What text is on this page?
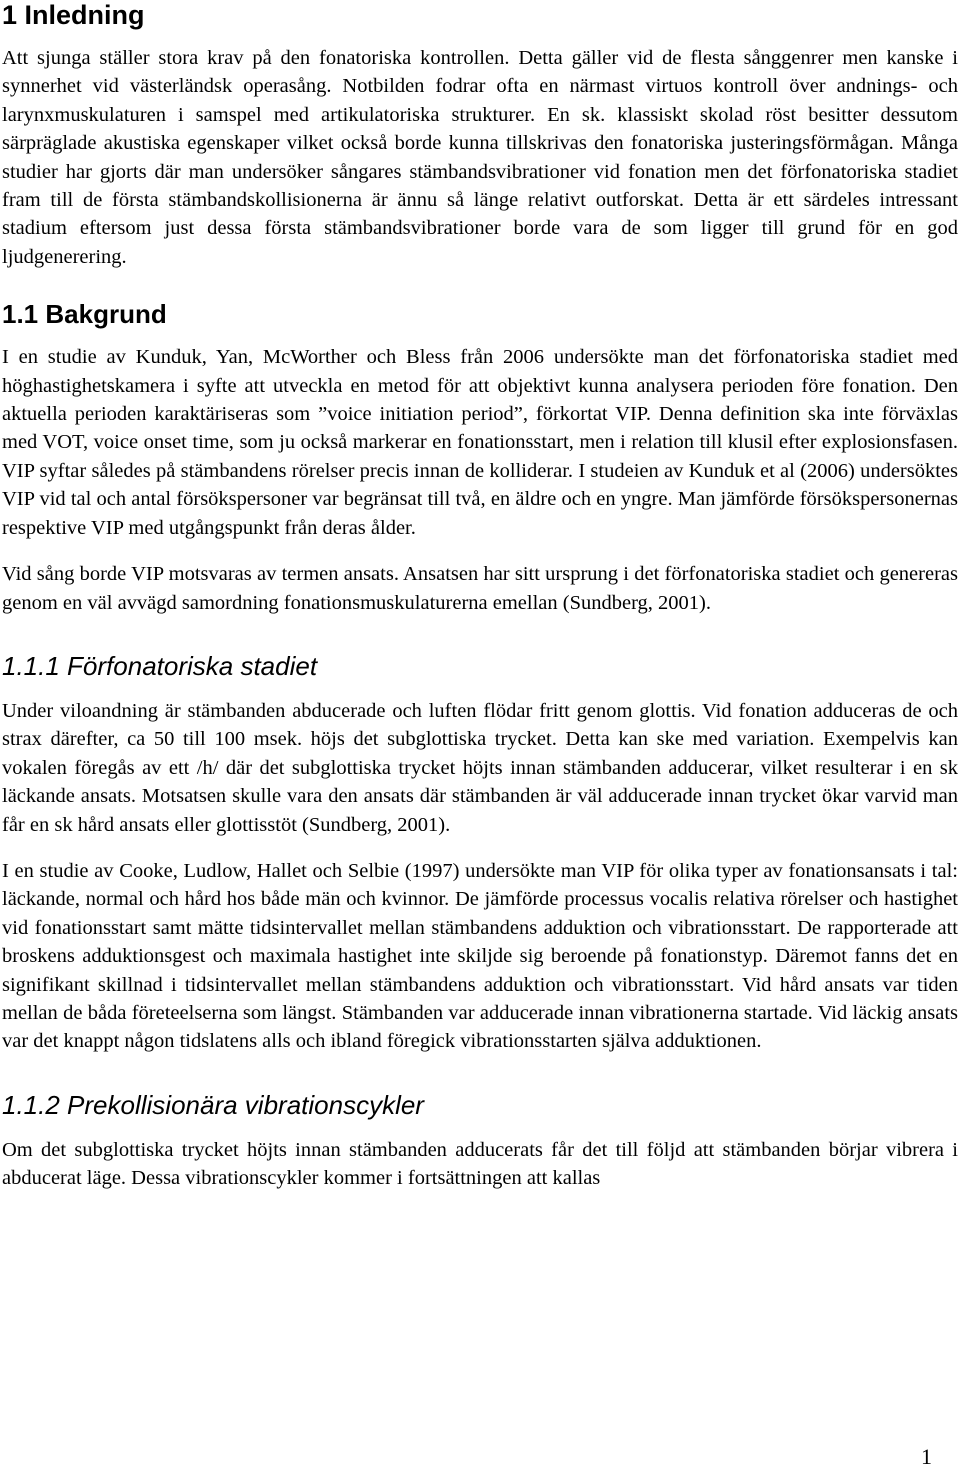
1 Inledning

Att sjunga ställer stora krav på den fonatoriska kontrollen. Detta gäller vid de flesta sånggenrer men kanske i synnerhet vid västerländsk operasång. Notbilden fodrar ofta en närmast virtuos kontroll över andnings- och larynxmuskulaturen i samspel med artikulatoriska strukturer. En sk. klassiskt skolad röst besitter dessutom särpräglade akustiska egenskaper vilket också borde kunna tillskrivas den fonatoriska justeringsförmågan. Många studier har gjorts där man undersöker sångares stämbandsvibrationer vid fonation men det förfonatoriska stadiet fram till de första stämbandskollisionerna är ännu så länge relativt outforskat. Detta är ett särdeles intressant stadium eftersom just dessa första stämbandsvibrationer borde vara de som ligger till grund för en god ljudgenerering.

1.1 Bakgrund

I en studie av Kunduk, Yan, McWorther och Bless från 2006 undersökte man det förfonatoriska stadiet med höghastighetskamera i syfte att utveckla en metod för att objektivt kunna analysera perioden före fonation. Den aktuella perioden karaktäriseras som ”voice initiation period”, förkortat VIP. Denna definition ska inte förväxlas med VOT, voice onset time, som ju också markerar en fonationsstart, men i relation till klusil efter explosionsfasen. VIP syftar således på stämbandens rörelser precis innan de kolliderar. I studeien av Kunduk et al (2006) undersöktes VIP vid tal och antal försökspersoner var begränsat till två, en äldre och en yngre. Man jämförde försökspersonernas respektive VIP med utgångspunkt från deras ålder.

Vid sång borde VIP motsvaras av termen ansats. Ansatsen har sitt ursprung i det förfonatoriska stadiet och genereras genom en väl avvägd samordning fonationsmuskulaturerna emellan (Sundberg, 2001).

1.1.1 Förfonatoriska stadiet

Under viloandning är stämbanden abducerade och luften flödar fritt genom glottis. Vid fonation adduceras de och strax därefter, ca 50 till 100 msek. höjs det subglottiska trycket. Detta kan ske med variation. Exempelvis kan vokalen föregås av ett /h/ där det subglottiska trycket höjts innan stämbanden adducerar, vilket resulterar i en sk läckande ansats. Motsatsen skulle vara den ansats där stämbanden är väl adducerade innan trycket ökar varvid man får en sk hård ansats eller glottisstöt (Sundberg, 2001).

I en studie av Cooke, Ludlow, Hallet och Selbie (1997) undersökte man VIP för olika typer av fonationsansats i tal: läckande, normal och hård hos både män och kvinnor. De jämförde processus vocalis relativa rörelser och hastighet vid fonationsstart samt mätte tidsintervallet mellan stämbandens adduktion och vibrationsstart. De rapporterade att broskens adduktionsgest och maximala hastighet inte skiljde sig beroende på fonationstyp. Däremot fanns det en signifikant skillnad i tidsintervallet mellan stämbandens adduktion och vibrationsstart. Vid hård ansats var tiden mellan de båda företeelserna som längst. Stämbanden var adducerade innan vibrationerna startade. Vid läckig ansats var det knappt någon tidslatens alls och ibland föregick vibrationsstarten själva adduktionen.

1.1.2 Prekollisionära vibrationscykler

Om det subglottiska trycket höjts innan stämbanden adducerats får det till följd att stämbanden börjar vibrera i abducerat läge. Dessa vibrationscykler kommer i fortsättningen att kallas

1
